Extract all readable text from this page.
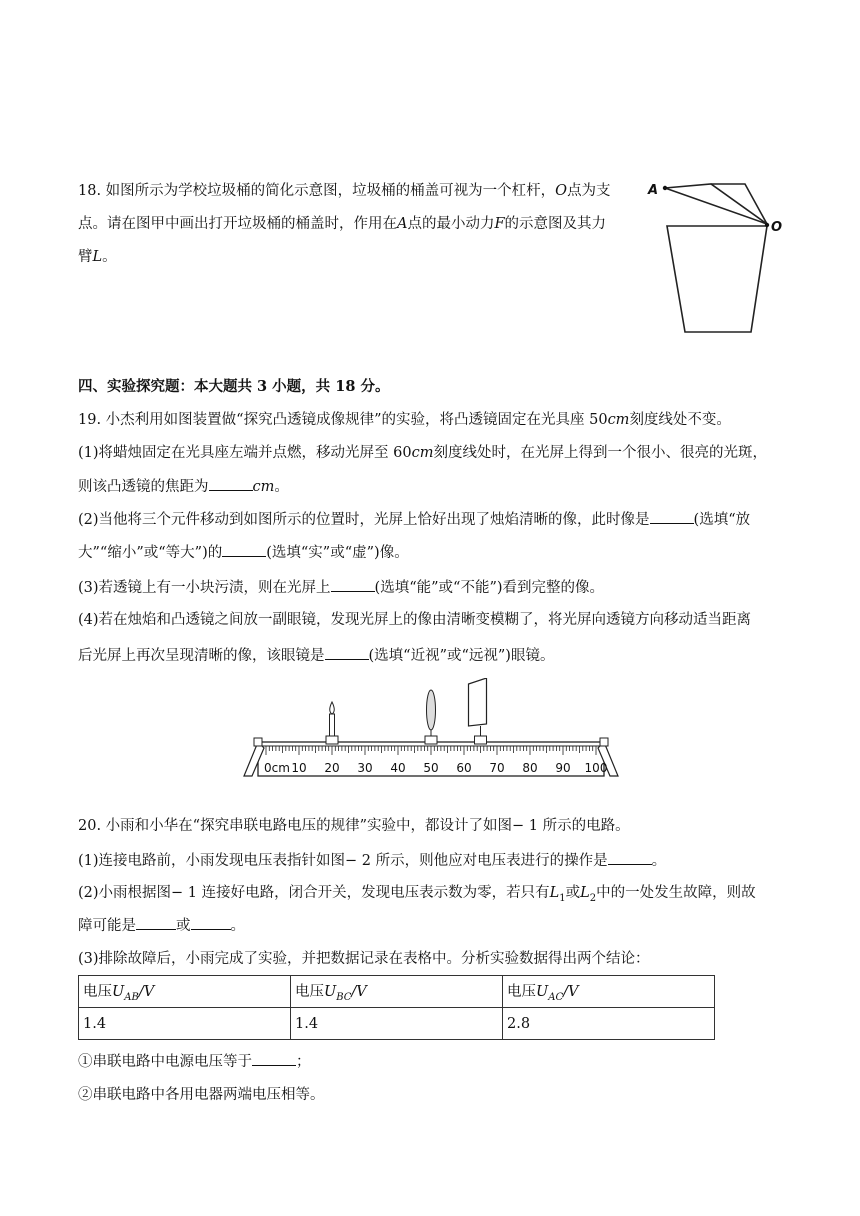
18. 如图所示为学校垃圾桶的简化示意图，垃圾桶的桶盖可视为一个杠杆，O点为支
点。请在图甲中画出打开垃圾桶的桶盖时，作用在A点的最小动力F的示意图及其力
臂L。
A
O
四、实验探究题：本大题共 3 小题，共 18 分。
19. 小杰利用如图装置做“探究凸透镜成像规律”的实验，将凸透镜固定在光具座 50cm刻度线处不变。
(1)将蜡烛固定在光具座左端并点燃，移动光屏至 60cm刻度线处时，在光屏上得到一个很小、很亮的光斑，
则该凸透镜的焦距为	cm。
(2)当他将三个元件移动到如图所示的位置时，光屏上恰好出现了烛焰清晰的像，此时像是	(选填“放
大”“缩小”或“等大”)的	(选填“实”或“虚”)像。
(3)若透镜上有一小块污渍，则在光屏上	(选填“能”或“不能”)看到完整的像。
(4)若在烛焰和凸透镜之间放一副眼镜，发现光屏上的像由清晰变模糊了，将光屏向透镜方向移动适当距离
后光屏上再次呈现清晰的像，该眼镜是	(选填“近视”或“远视”)眼镜。
0cm 10 20 30 40 50 60 70 80 90 100
20. 小雨和小华在“探究串联电路电压的规律”实验中，都设计了如图− 1 所示的电路。
(1)连接电路前，小雨发现电压表指针如图− 2 所示，则他应对电压表进行的操作是	。
(2)小雨根据图− 1 连接好电路，闭合开关，发现电压表示数为零，若只有$L_1$或$L_2$中的一处发生故障，则故
障可能是	或	。
(3)排除故障后，小雨完成了实验，并把数据记录在表格中。分析实验数据得出两个结论：
电压$U_{AB}/V$	电压$U_{BC}/V$	电压$U_{AC}/V$
1.4	1.4	2.8
①串联电路中电源电压等于	；
②串联电路中各用电器两端电压相等。
